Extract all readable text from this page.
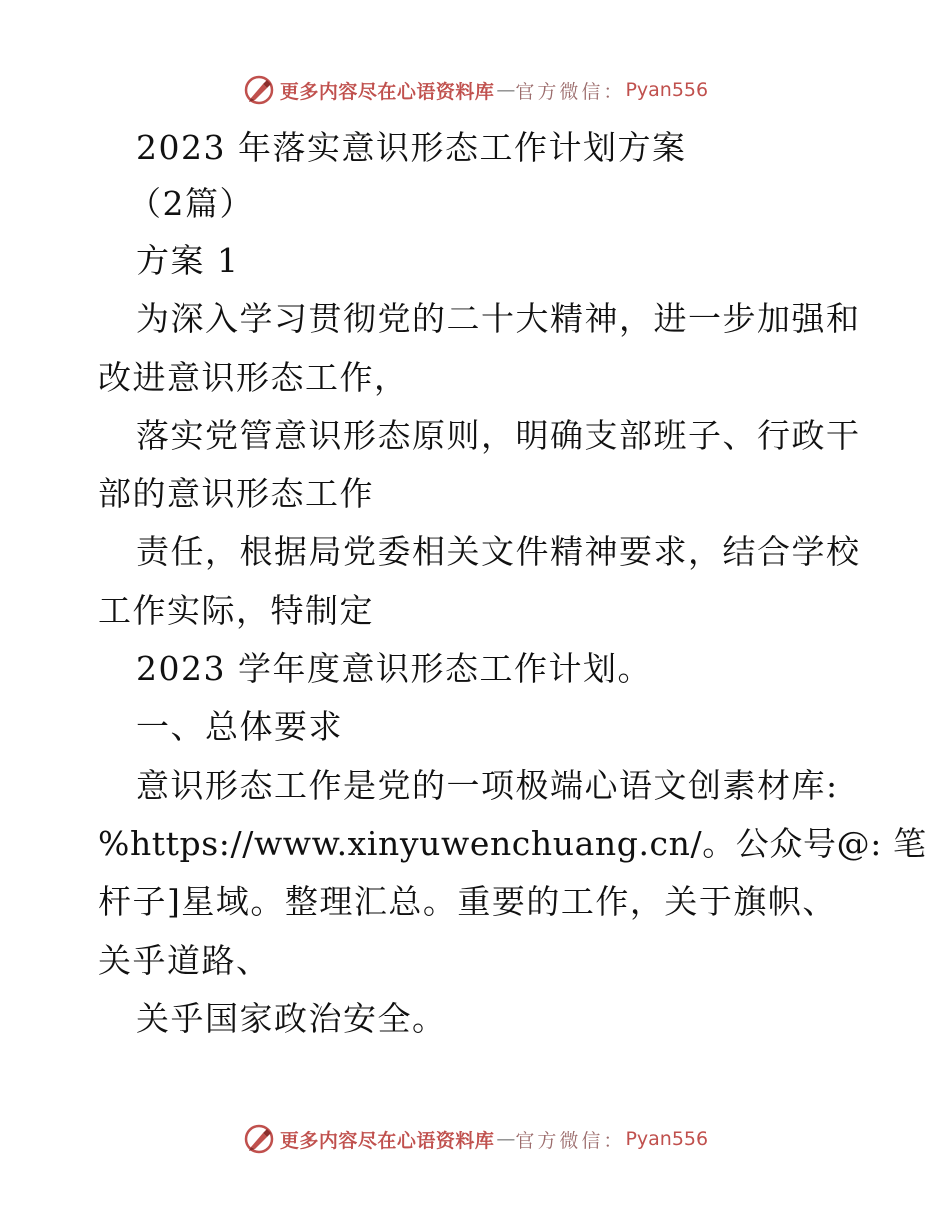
更多内容尽在心语资料库 — 官方微信： Pyan556
2023 年落实意识形态工作计划方案
（2篇）
方案 1
为深入学习贯彻党的二十大精神，进一步加强和
改进意识形态工作，
落实党管意识形态原则，明确支部班子、行政干
部的意识形态工作
责任，根据局党委相关文件精神要求，结合学校
工作实际，特制定
2023 学年度意识形态工作计划。
一、总体要求
意识形态工作是党的一项极端心语文创素材库:
%https://www.xinyuwenchuang.cn/。公众号@: 笔
杆子]星域。整理汇总。重要的工作，关于旗帜、
关乎道路、
关乎国家政治安全。
更多内容尽在心语资料库 — 官方微信： Pyan556
